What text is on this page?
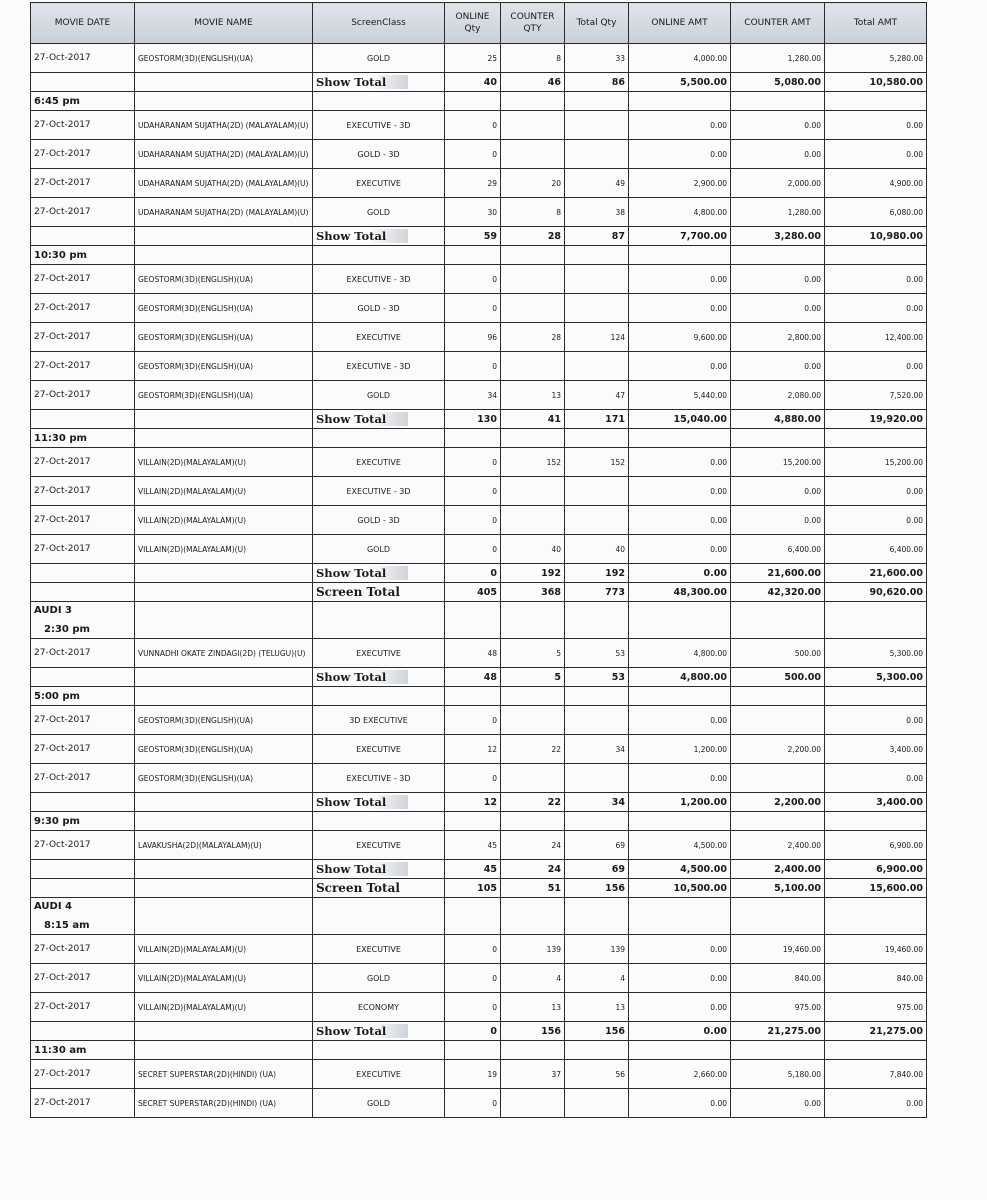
MOVIE DATE	MOVIE NAME	ScreenClass	ONLINE Qty	COUNTER QTY	Total Qty	ONLINE AMT	COUNTER AMT	Total AMT
27-Oct-2017	GEOSTORM(3D)(ENGLISH)(UA)	GOLD	25	8	33	4,000.00	1,280.00	5,280.00
		Show Total	40	46	86	5,500.00	5,080.00	10,580.00
6:45 pm								
27-Oct-2017	UDAHARANAM SUJATHA(2D) (MALAYALAM)(U)	EXECUTIVE - 3D	0			0.00	0.00	0.00
27-Oct-2017	UDAHARANAM SUJATHA(2D) (MALAYALAM)(U)	GOLD - 3D	0			0.00	0.00	0.00
27-Oct-2017	UDAHARANAM SUJATHA(2D) (MALAYALAM)(U)	EXECUTIVE	29	20	49	2,900.00	2,000.00	4,900.00
27-Oct-2017	UDAHARANAM SUJATHA(2D) (MALAYALAM)(U)	GOLD	30	8	38	4,800.00	1,280.00	6,080.00
		Show Total	59	28	87	7,700.00	3,280.00	10,980.00
10:30 pm								
27-Oct-2017	GEOSTORM(3D)(ENGLISH)(UA)	EXECUTIVE - 3D	0			0.00	0.00	0.00
27-Oct-2017	GEOSTORM(3D)(ENGLISH)(UA)	GOLD - 3D	0			0.00	0.00	0.00
27-Oct-2017	GEOSTORM(3D)(ENGLISH)(UA)	EXECUTIVE	96	28	124	9,600.00	2,800.00	12,400.00
27-Oct-2017	GEOSTORM(3D)(ENGLISH)(UA)	EXECUTIVE - 3D	0			0.00	0.00	0.00
27-Oct-2017	GEOSTORM(3D)(ENGLISH)(UA)	GOLD	34	13	47	5,440.00	2,080.00	7,520.00
		Show Total	130	41	171	15,040.00	4,880.00	19,920.00
11:30 pm								
27-Oct-2017	VILLAIN(2D)(MALAYALAM)(U)	EXECUTIVE	0	152	152	0.00	15,200.00	15,200.00
27-Oct-2017	VILLAIN(2D)(MALAYALAM)(U)	EXECUTIVE - 3D	0			0.00	0.00	0.00
27-Oct-2017	VILLAIN(2D)(MALAYALAM)(U)	GOLD - 3D	0			0.00	0.00	0.00
27-Oct-2017	VILLAIN(2D)(MALAYALAM)(U)	GOLD	0	40	40	0.00	6,400.00	6,400.00
		Show Total	0	192	192	0.00	21,600.00	21,600.00
		Screen Total	405	368	773	48,300.00	42,320.00	90,620.00
AUDI 3
2:30 pm								

27-Oct-2017	VUNNADHI OKATE ZINDAGI(2D) (TELUGU)(U)	EXECUTIVE	48	5	53	4,800.00	500.00	5,300.00
		Show Total	48	5	53	4,800.00	500.00	5,300.00
5:00 pm								
27-Oct-2017	GEOSTORM(3D)(ENGLISH)(UA)	3D EXECUTIVE	0			0.00		0.00
27-Oct-2017	GEOSTORM(3D)(ENGLISH)(UA)	EXECUTIVE	12	22	34	1,200.00	2,200.00	3,400.00
27-Oct-2017	GEOSTORM(3D)(ENGLISH)(UA)	EXECUTIVE - 3D	0			0.00		0.00
		Show Total	12	22	34	1,200.00	2,200.00	3,400.00
9:30 pm								
27-Oct-2017	LAVAKUSHA(2D)(MALAYALAM)(U)	EXECUTIVE	45	24	69	4,500.00	2,400.00	6,900.00
		Show Total	45	24	69	4,500.00	2,400.00	6,900.00
		Screen Total	105	51	156	10,500.00	5,100.00	15,600.00
AUDI 4
8:15 am								

27-Oct-2017	VILLAIN(2D)(MALAYALAM)(U)	EXECUTIVE	0	139	139	0.00	19,460.00	19,460.00
27-Oct-2017	VILLAIN(2D)(MALAYALAM)(U)	GOLD	0	4	4	0.00	840.00	840.00
27-Oct-2017	VILLAIN(2D)(MALAYALAM)(U)	ECONOMY	0	13	13	0.00	975.00	975.00
		Show Total	0	156	156	0.00	21,275.00	21,275.00
11:30 am								
27-Oct-2017	SECRET SUPERSTAR(2D)(HINDI) (UA)	EXECUTIVE	19	37	56	2,660.00	5,180.00	7,840.00
27-Oct-2017	SECRET SUPERSTAR(2D)(HINDI) (UA)	GOLD	0			0.00	0.00	0.00
